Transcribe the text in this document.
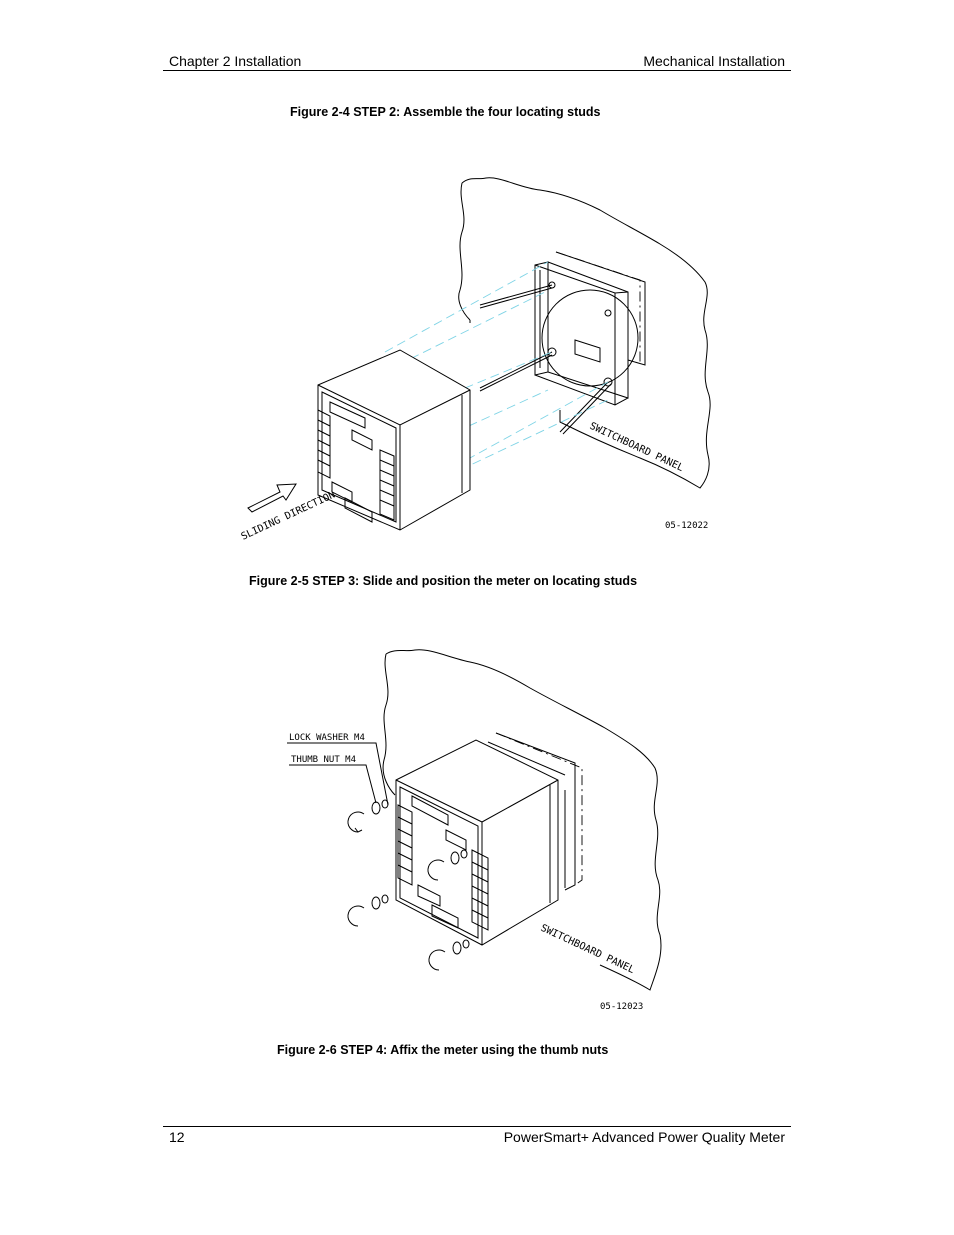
Chapter 2 Installation	Mechanical Installation
Figure 2-4 STEP 2: Assemble the four locating studs
SLIDING DIRECTION
SWITCHBOARD PANEL
05-12022
Figure 2-5 STEP 3: Slide and position the meter on locating studs
LOCK WASHER M4
THUMB NUT M4
SWITCHBOARD PANEL
05-12023
Figure 2-6 STEP 4: Affix the meter using the thumb nuts
12	PowerSmart+ Advanced Power Quality Meter
